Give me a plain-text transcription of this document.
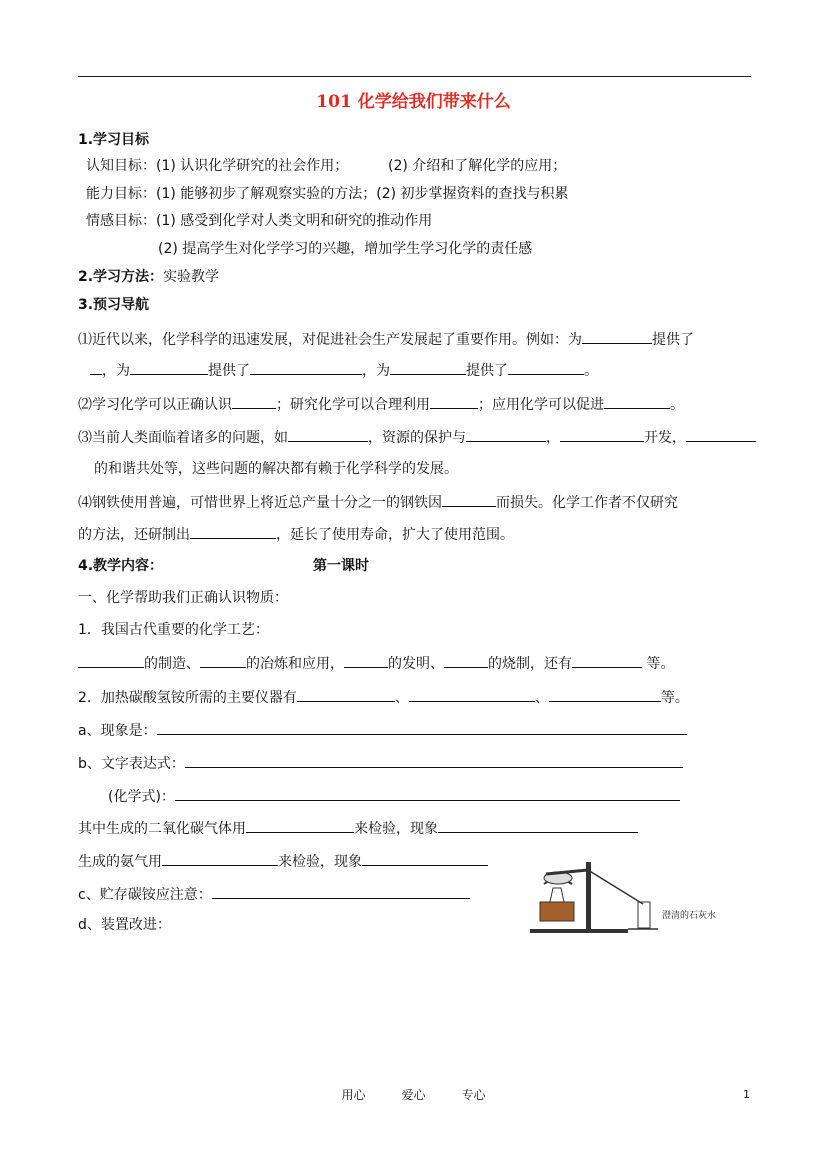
101 化学给我们带来什么
1.学习目标
认知目标：(1) 认识化学研究的社会作用；	(2) 介绍和了解化学的应用；
能力目标：(1) 能够初步了解观察实验的方法；(2) 初步掌握资料的查找与积累
情感目标：(1) 感受到化学对人类文明和研究的推动作用
(2) 提高学生对化学学习的兴趣，增加学生学习化学的责任感
2.学习方法：实验教学
3.预习导航
⑴近代以来，化学科学的迅速发展，对促进社会生产发展起了重要作用。例如：为	提供了
，为	提供了	，为	提供了	。
⑵学习化学可以正确认识	；研究化学可以合理利用	；应用化学可以促进	。
⑶当前人类面临着诸多的问题，如	，资源的保护与	，	开发，
的和谐共处等，这些问题的解决都有赖于化学科学的发展。
⑷钢铁使用普遍，可惜世界上将近总产量十分之一的钢铁因	而损失。化学工作者不仅研究
的方法，还研制出	，延长了使用寿命，扩大了使用范围。
4.教学内容：	第一课时
一、化学帮助我们正确认识物质：
1．我国古代重要的化学工艺：
的制造、	的冶炼和应用，	的发明、	的烧制，还有	等。
2．加热碳酸氢铵所需的主要仪器有	、	、	等。
a、现象是：
b、文字表达式：
(化学式)：
其中生成的二氧化碳气体用	来检验，现象
生成的氨气用	来检验，现象
c、贮存碳铵应注意：
d、装置改进：
澄清的石灰水
用心	爱心	专心	1
